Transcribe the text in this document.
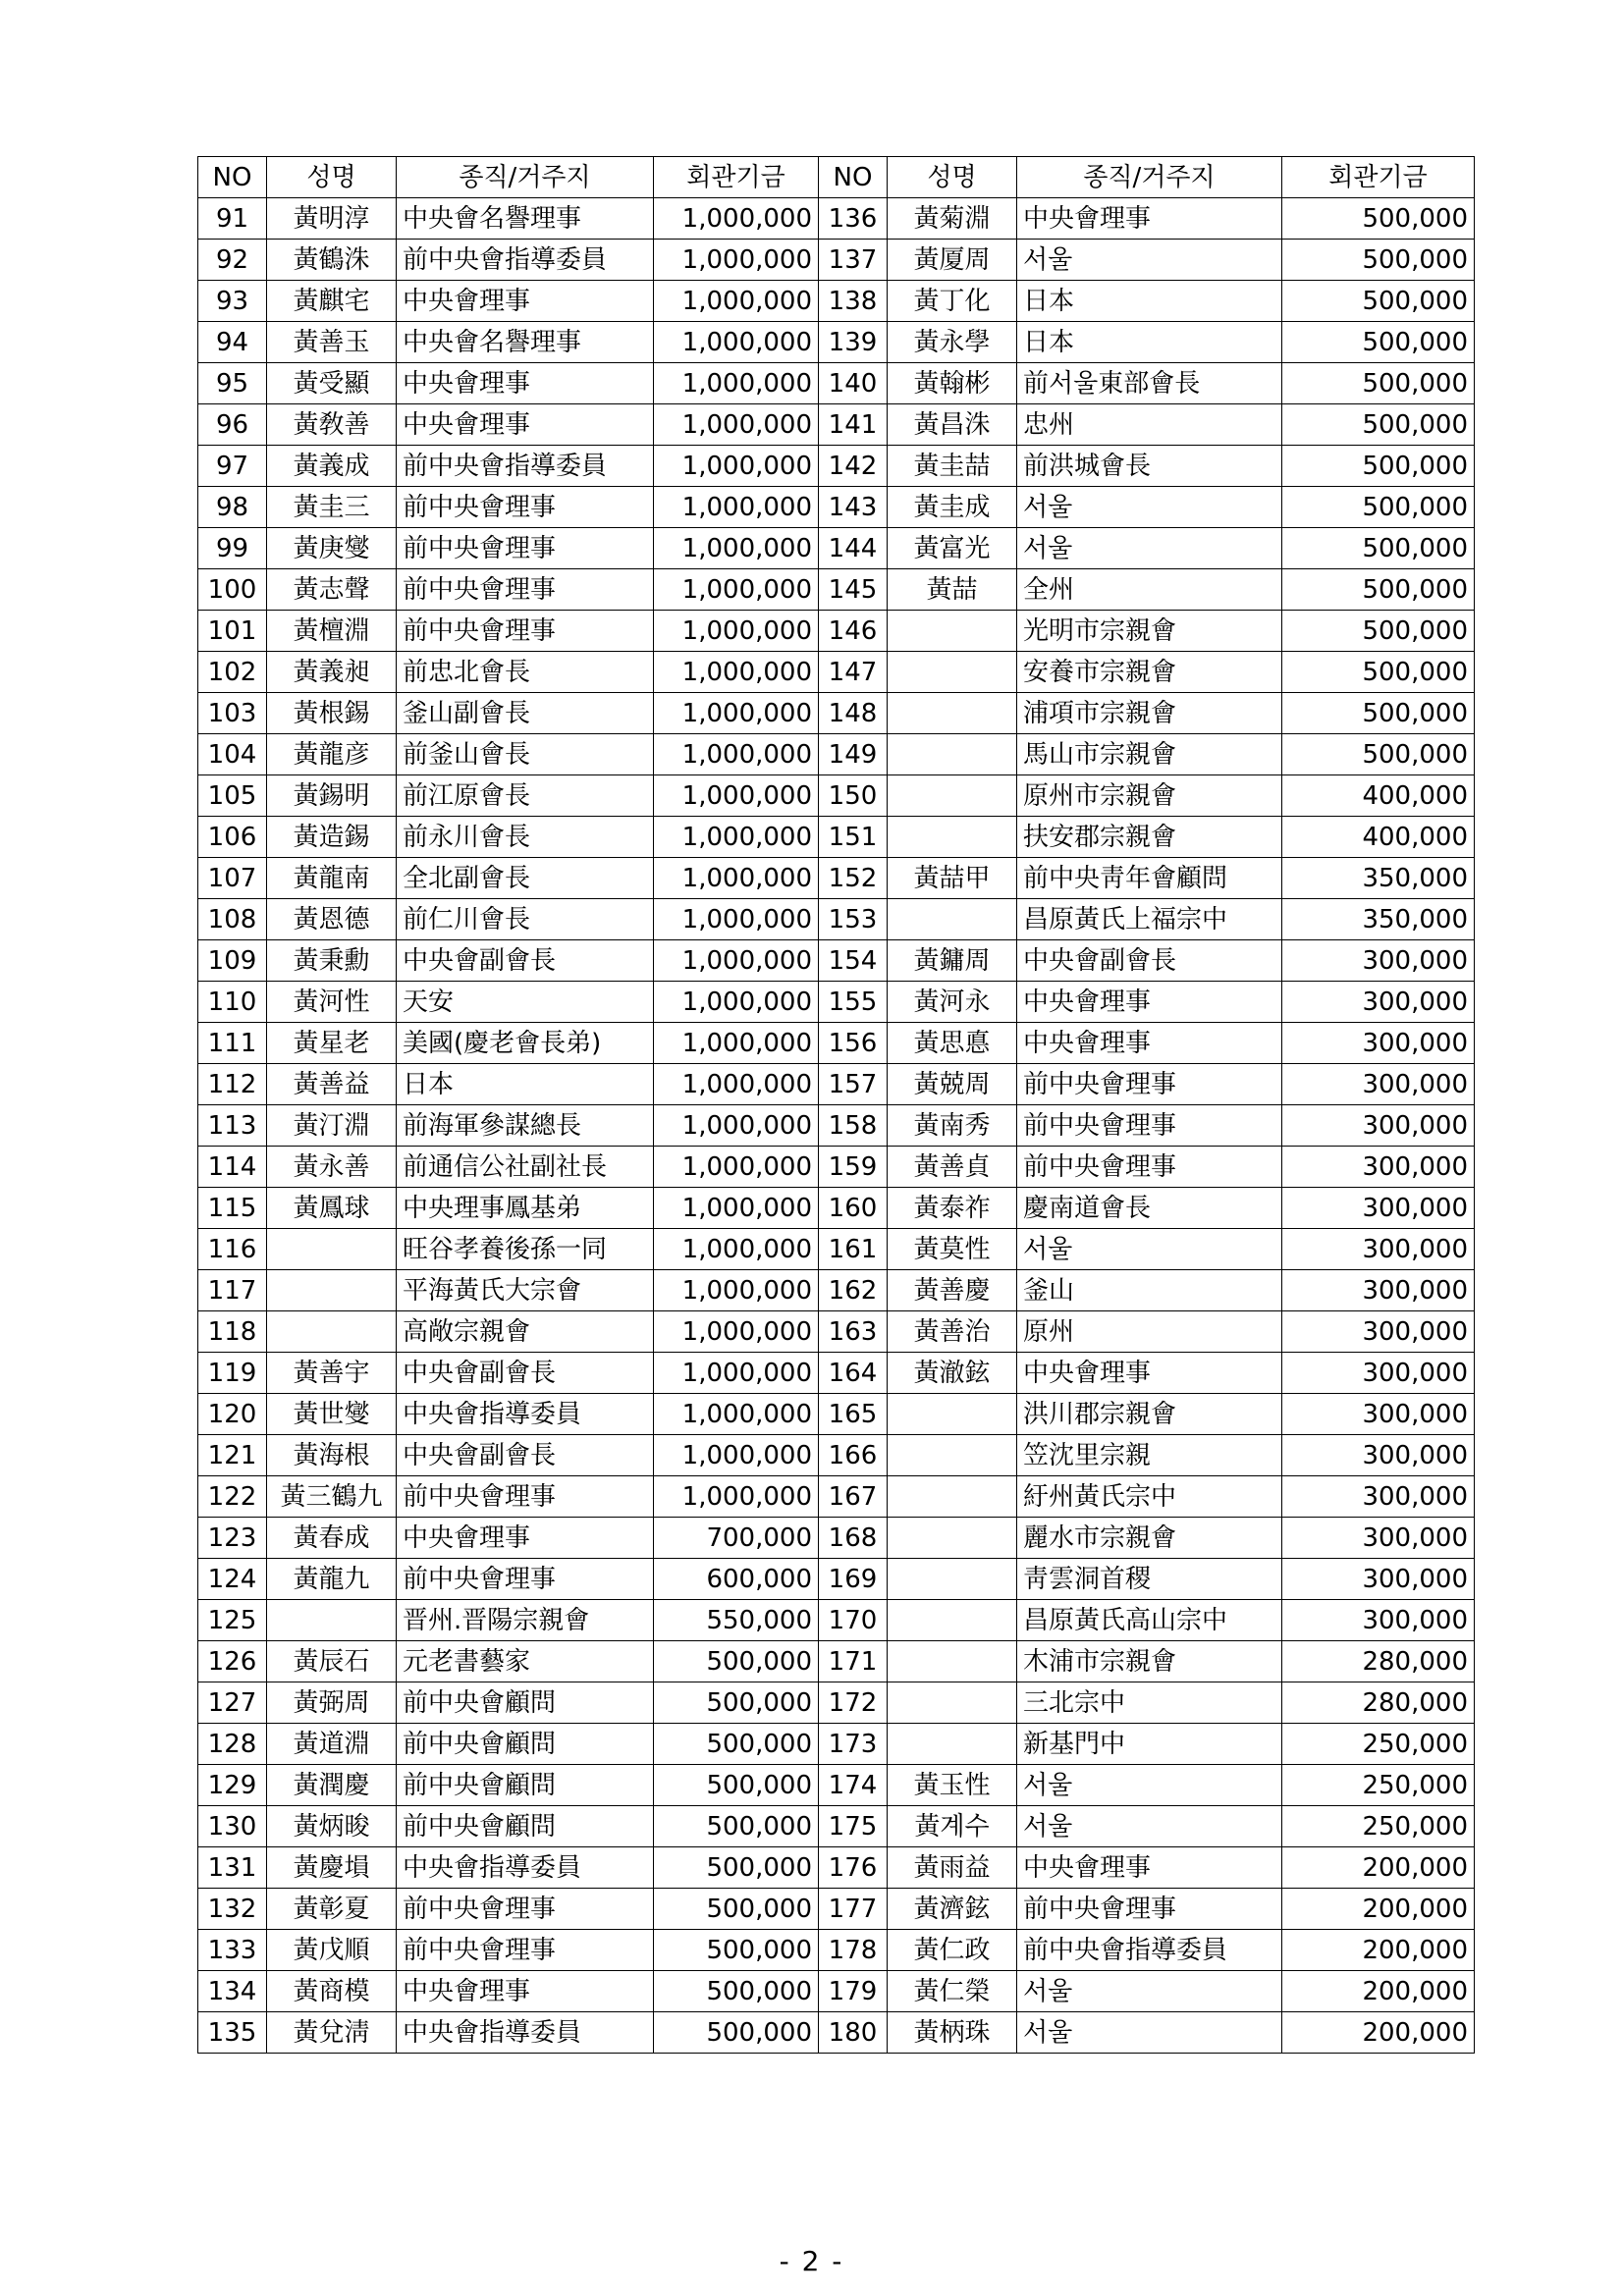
NO	성명	종직/거주지	회관기금	NO	성명	종직/거주지	회관기금
91	黃明淳	中央會名譽理事	1,000,000	136	黃菊淵	中央會理事	500,000
92	黃鶴洙	前中央會指導委員	1,000,000	137	黃厦周	서울	500,000
93	黃麒宅	中央會理事	1,000,000	138	黃丁化	日本	500,000
94	黃善玉	中央會名譽理事	1,000,000	139	黃永學	日本	500,000
95	黃受顯	中央會理事	1,000,000	140	黃翰彬	前서울東部會長	500,000
96	黃敎善	中央會理事	1,000,000	141	黃昌洙	忠州	500,000
97	黃義成	前中央會指導委員	1,000,000	142	黃圭喆	前洪城會長	500,000
98	黃圭三	前中央會理事	1,000,000	143	黃圭成	서울	500,000
99	黃庚燮	前中央會理事	1,000,000	144	黃富光	서울	500,000
100	黃志聲	前中央會理事	1,000,000	145	黃喆	全州	500,000
101	黃檀淵	前中央會理事	1,000,000	146		光明市宗親會	500,000
102	黃義昶	前忠北會長	1,000,000	147		安養市宗親會	500,000
103	黃根錫	釜山副會長	1,000,000	148		浦項市宗親會	500,000
104	黃龍彦	前釜山會長	1,000,000	149		馬山市宗親會	500,000
105	黃錫明	前江原會長	1,000,000	150		原州市宗親會	400,000
106	黃造錫	前永川會長	1,000,000	151		扶安郡宗親會	400,000
107	黃龍南	全北副會長	1,000,000	152	黃喆甲	前中央靑年會顧問	350,000
108	黃恩德	前仁川會長	1,000,000	153		昌原黃氏上福宗中	350,000
109	黃秉勳	中央會副會長	1,000,000	154	黃鏞周	中央會副會長	300,000
110	黃河性	天安	1,000,000	155	黃河永	中央會理事	300,000
111	黃星老	美國(慶老會長弟)	1,000,000	156	黃思悳	中央會理事	300,000
112	黃善益	日本	1,000,000	157	黃兢周	前中央會理事	300,000
113	黃汀淵	前海軍參謀總長	1,000,000	158	黃南秀	前中央會理事	300,000
114	黃永善	前通信公社副社長	1,000,000	159	黃善貞	前中央會理事	300,000
115	黃鳳球	中央理事鳳基弟	1,000,000	160	黃泰祚	慶南道會長	300,000
116		旺谷孝養後孫一同	1,000,000	161	黃莫性	서울	300,000
117		平海黃氏大宗會	1,000,000	162	黃善慶	釜山	300,000
118		高敞宗親會	1,000,000	163	黃善治	原州	300,000
119	黃善宇	中央會副會長	1,000,000	164	黃澈鉉	中央會理事	300,000
120	黃世燮	中央會指導委員	1,000,000	165		洪川郡宗親會	300,000
121	黃海根	中央會副會長	1,000,000	166		笠沈里宗親	300,000
122	黃三鶴九	前中央會理事	1,000,000	167		紆州黃氏宗中	300,000
123	黃春成	中央會理事	700,000	168		麗水市宗親會	300,000
124	黃龍九	前中央會理事	600,000	169		靑雲洞首稷	300,000
125		晋州.晋陽宗親會	550,000	170		昌原黃氏高山宗中	300,000
126	黃辰石	元老書藝家	500,000	171		木浦市宗親會	280,000
127	黃弼周	前中央會顧問	500,000	172		三北宗中	280,000
128	黃道淵	前中央會顧問	500,000	173		新基門中	250,000
129	黃潤慶	前中央會顧問	500,000	174	黃玉性	서울	250,000
130	黃炳晙	前中央會顧問	500,000	175	黃계수	서울	250,000
131	黃慶塤	中央會指導委員	500,000	176	黃雨益	中央會理事	200,000
132	黃彰夏	前中央會理事	500,000	177	黃濟鉉	前中央會理事	200,000
133	黃戊順	前中央會理事	500,000	178	黃仁政	前中央會指導委員	200,000
134	黃商模	中央會理事	500,000	179	黃仁榮	서울	200,000
135	黃兌淸	中央會指導委員	500,000	180	黃柄珠	서울	200,000
- 2 -
